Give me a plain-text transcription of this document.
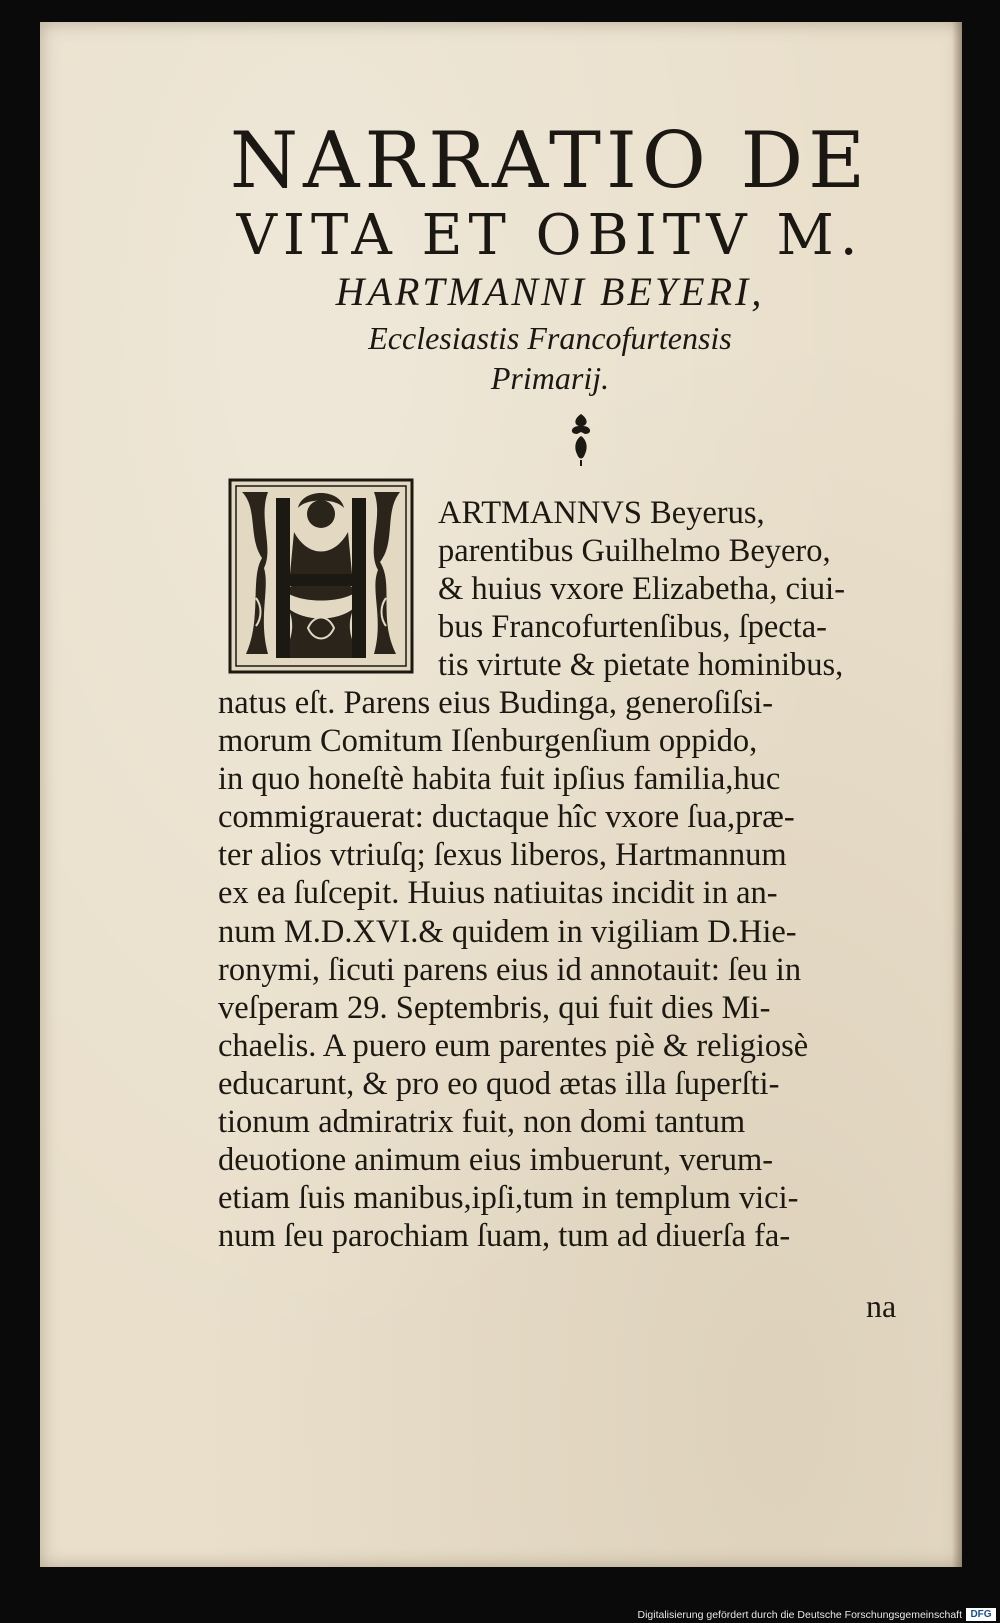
NARRATIO DE
VITA ET OBITV M.
HARTMANNI BEYERI,
Ecclesiastis Francofurtensis
Primarij.
ARTMANNVS Beyerus,
parentibus Guilhelmo Beyero,
& huius vxore Elizabetha, ciui-
bus Francofurtenſibus, ſpecta-
tis virtute & pietate hominibus,
natus eſt. Parens eius Budinga, generoſiſsi-
morum Comitum Iſenburgenſium oppido,
in quo honeſtè habita fuit ipſius familia,huc
commigrauerat: ductaque hîc vxore ſua,præ-
ter alios vtriuſq; ſexus liberos, Hartmannum
ex ea ſuſcepit. Huius natiuitas incidit in an-
num M.D.XVI.& quidem in vigiliam D.Hie-
ronymi, ſicuti parens eius id annotauit: ſeu in
veſperam 29. Septembris, qui fuit dies Mi-
chaelis. A puero eum parentes piè & religiosè
educarunt, & pro eo quod ætas illa ſuperſti-
tionum admiratrix fuit, non domi tantum
deuotione animum eius imbuerunt, verum-
etiam ſuis manibus,ipſi,tum in templum vici-
num ſeu parochiam ſuam, tum ad diuerſa fa-
na
Digitalisierung gefördert durch die Deutsche Forschungsgemeinschaft DFG
